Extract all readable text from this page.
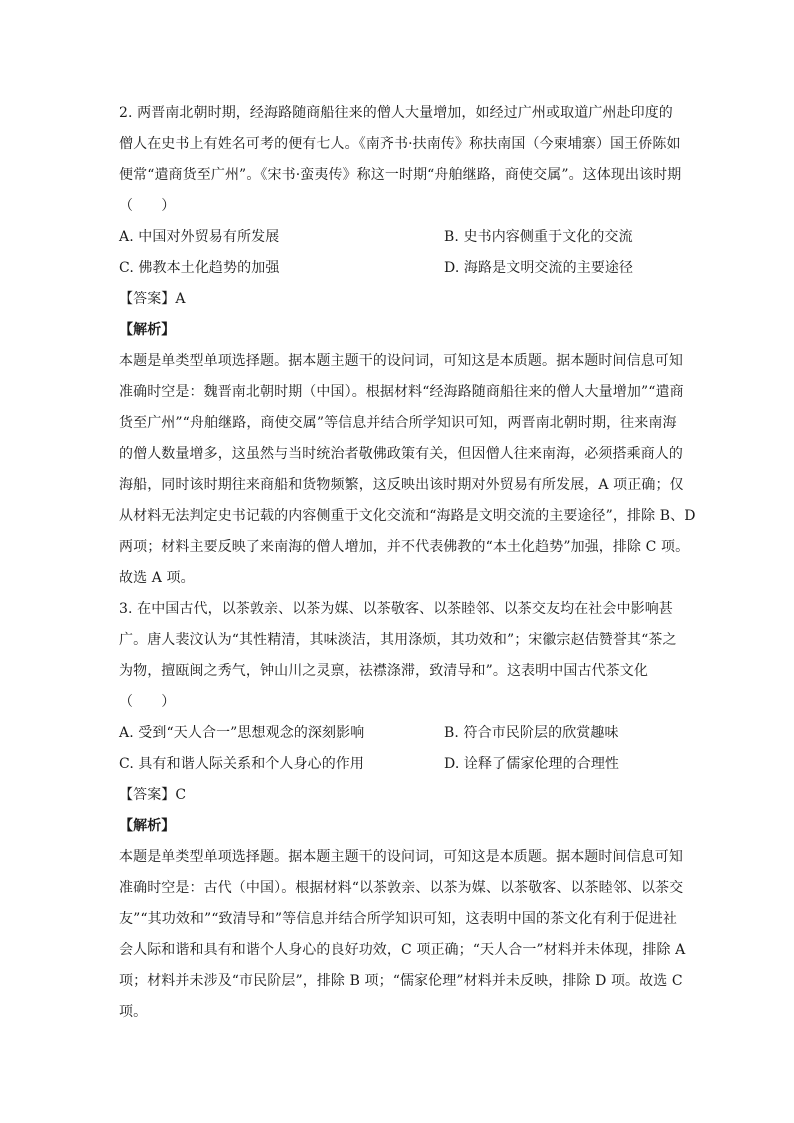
2. 两晋南北朝时期，经海路随商船往来的僧人大量增加，如经过广州或取道广州赴印度的
僧人在史书上有姓名可考的便有七人。《南齐书·扶南传》称扶南国（今柬埔寨）国王侨陈如
便常“遣商货至广州”。《宋书·蛮夷传》称这一时期“舟舶继路，商使交属”。这体现出该时期
（　　）
A. 中国对外贸易有所发展	B. 史书内容侧重于文化的交流
C. 佛教本土化趋势的加强	D. 海路是文明交流的主要途径
【答案】A
【解析】
本题是单类型单项选择题。据本题主题干的设问词，可知这是本质题。据本题时间信息可知
准确时空是：魏晋南北朝时期（中国）。根据材料“经海路随商船往来的僧人大量增加”“遣商
货至广州”“舟舶继路，商使交属”等信息并结合所学知识可知，两晋南北朝时期，往来南海
的僧人数量增多，这虽然与当时统治者敬佛政策有关，但因僧人往来南海，必须搭乘商人的
海船，同时该时期往来商船和货物频繁，这反映出该时期对外贸易有所发展，A 项正确；仅
从材料无法判定史书记载的内容侧重于文化交流和“海路是文明交流的主要途径”，排除 B、D
两项；材料主要反映了来南海的僧人增加，并不代表佛教的“本土化趋势”加强，排除 C 项。
故选 A 项。
3. 在中国古代，以茶敦亲、以茶为媒、以茶敬客、以茶睦邻、以茶交友均在社会中影响甚
广。唐人裴汶认为“其性精清，其味淡洁，其用涤烦，其功效和”；宋徽宗赵佶赞誉其“茶之
为物，擅瓯闽之秀气，钟山川之灵禀，祛襟涤滞，致清导和”。这表明中国古代茶文化
（　　）
A. 受到“天人合一”思想观念的深刻影响	B. 符合市民阶层的欣赏趣味
C. 具有和谐人际关系和个人身心的作用	D. 诠释了儒家伦理的合理性
【答案】C
【解析】
本题是单类型单项选择题。据本题主题干的设问词，可知这是本质题。据本题时间信息可知
准确时空是：古代（中国）。根据材料“以茶敦亲、以茶为媒、以茶敬客、以茶睦邻、以茶交
友”“其功效和”“致清导和”等信息并结合所学知识可知，这表明中国的茶文化有利于促进社
会人际和谐和具有和谐个人身心的良好功效，C 项正确；“天人合一”材料并未体现，排除 A
项；材料并未涉及“市民阶层”，排除 B 项；“儒家伦理”材料并未反映，排除 D 项。故选 C
项。
